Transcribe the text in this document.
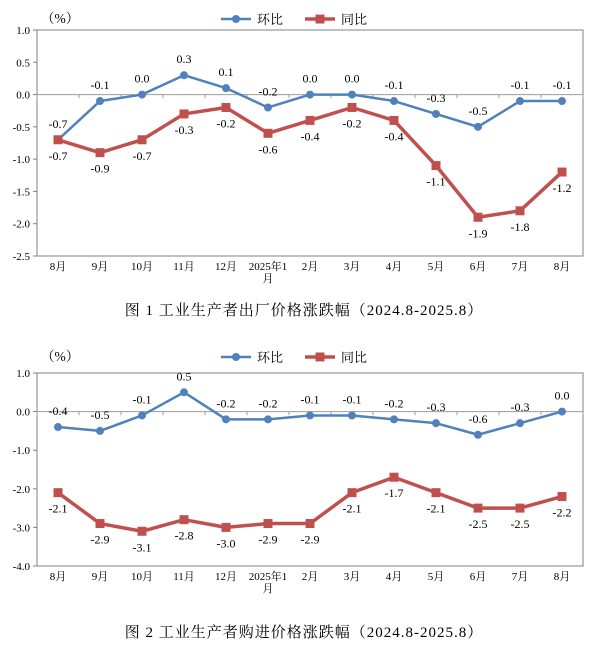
（%）	环比	同比
1.0
0.5
0.0
-0.5
-1.0
-1.5
-2.0
-2.5
8月 9月 10月 11月 12月 2025年1
月
2月 3月 4月 5月 6月 7月 8月
-0.7
-0.1 0.0
0.3
0.1
-0.2
0.0 0.0 -0.1
-0.3
-0.5
-0.1 -0.1
-0.7
-0.9
-0.7
-0.3 -0.2
-0.6
-0.4
-0.2
-0.4
-1.1
-1.9 -1.8
-1.2
图 1 工业生产者出厂价格涨跌幅（2024.8-2025.8）
（%）	环比	同比
1.0
0.0
-1.0
-2.0
-3.0
-4.0
8月 9月 10月 11月 12月 2025年1
月
2月 3月 4月 5月 6月 7月 8月
-0.4 -0.5
-0.1
0.5
-0.2 -0.2 -0.1 -0.1 -0.2 -0.3
-0.6
-0.3
0.0
-2.1
-2.9
-3.1
-2.8
-3.0 -2.9 -2.9
-2.1
-1.7
-2.1
-2.5 -2.5
-2.2
图 2 工业生产者购进价格涨跌幅（2024.8-2025.8）
